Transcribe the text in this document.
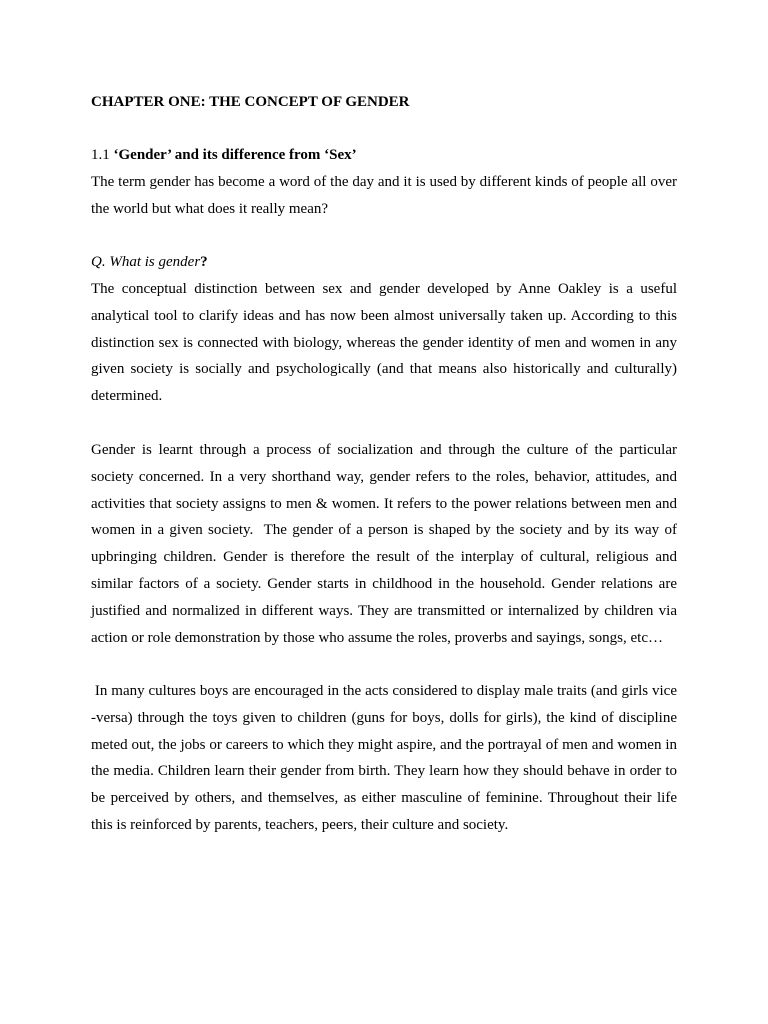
CHAPTER ONE: THE CONCEPT OF GENDER
1.1 ‘Gender’ and its difference from ‘Sex’
The term gender has become a word of the day and it is used by different kinds of people all over
the world but what does it really mean?
Q. What is gender?
The conceptual distinction between sex and gender developed by Anne Oakley is a useful
analytical tool to clarify ideas and has now been almost universally taken up. According to this
distinction sex is connected with biology, whereas the gender identity of men and women in any
given society is socially and psychologically (and that means also historically and culturally)
determined.
Gender is learnt through a process of socialization and through the culture of the particular
society concerned. In a very shorthand way, gender refers to the roles, behavior, attitudes, and
activities that society assigns to men & women. It refers to the power relations between men and
women in a given society.  The gender of a person is shaped by the society and by its way of
upbringing children. Gender is therefore the result of the interplay of cultural, religious and
similar factors of a society. Gender starts in childhood in the household. Gender relations are
justified and normalized in different ways. They are transmitted or internalized by children via
action or role demonstration by those who assume the roles, proverbs and sayings, songs, etc…
In many cultures boys are encouraged in the acts considered to display male traits (and girls vice
-versa) through the toys given to children (guns for boys, dolls for girls), the kind of discipline
meted out, the jobs or careers to which they might aspire, and the portrayal of men and women in
the media. Children learn their gender from birth. They learn how they should behave in order to
be perceived by others, and themselves, as either masculine of feminine. Throughout their life
this is reinforced by parents, teachers, peers, their culture and society.
